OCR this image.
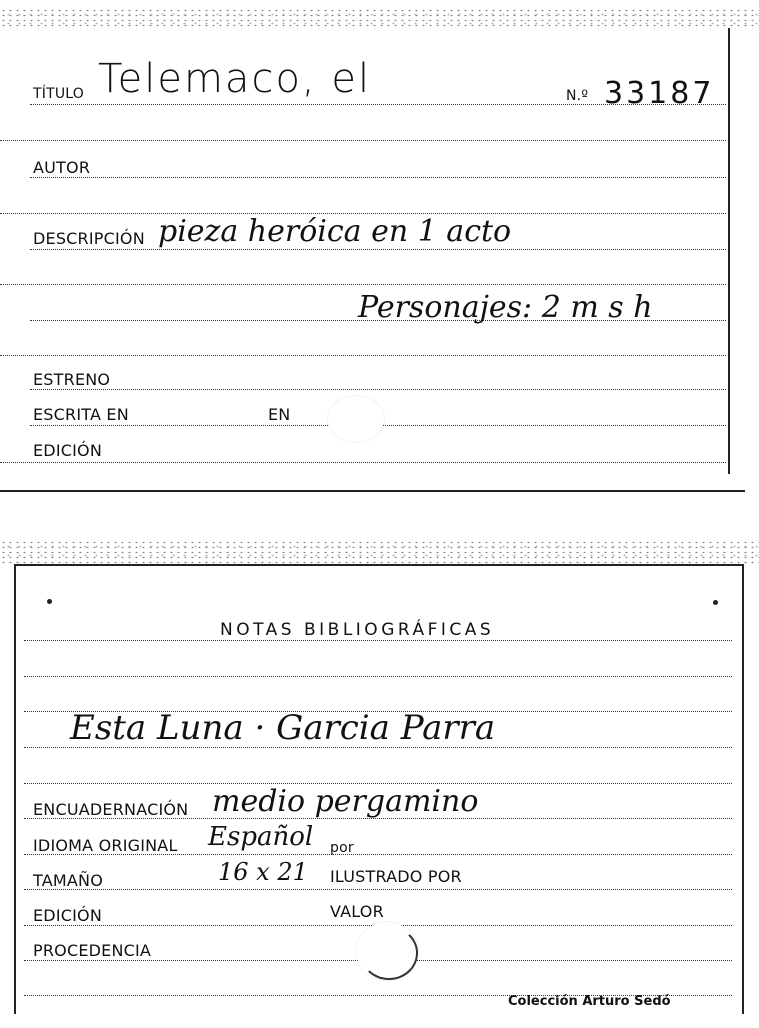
TÍTULO Telemaco, el	N.º 33187
AUTOR
DESCRIPCIÓN pieza heróica en 1 acto
Personajes: 2 m s h
ESTRENO
ESCRITA EN	EN
EDICIÓN
NOTAS BIBLIOGRÁFICAS
Esta Luna · Garcia Parra
ENCUADERNACIÓN medio pergamino
IDIOMA ORIGINAL Español por
TAMAÑO	16 x 21 ILUSTRADO POR
EDICIÓN	VALOR
PROCEDENCIA
Colección Arturo Sedó
